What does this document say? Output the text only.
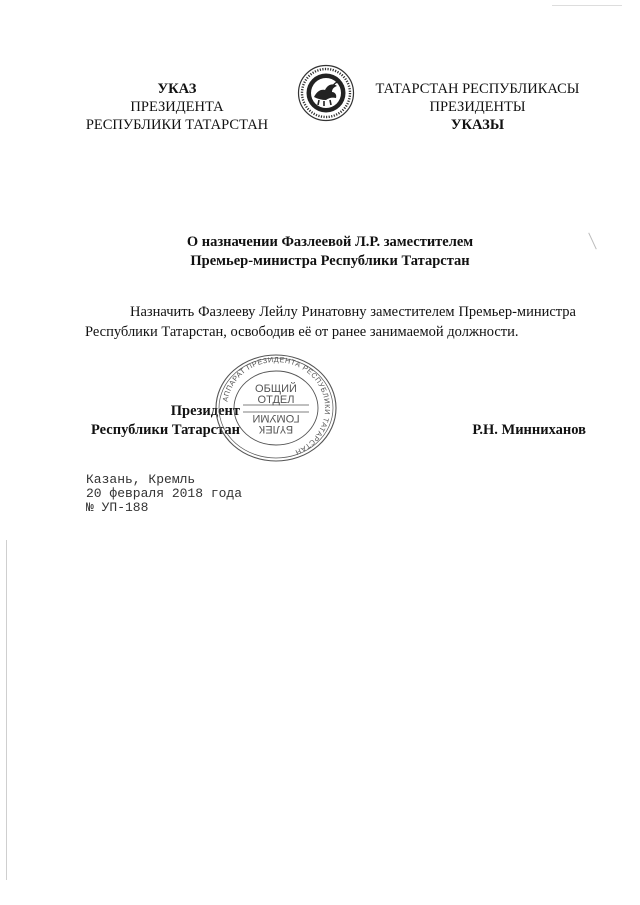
УКАЗ
ПРЕЗИДЕНТА
РЕСПУБЛИКИ ТАТАРСТАН
ТАТАРСТАН РЕСПУБЛИКАСЫ
ПРЕЗИДЕНТЫ
УКАЗЫ
О назначении Фазлеевой Л.Р. заместителем
Премьер-министра Республики Татарстан
Назначить Фазлееву Лейлу Ринатовну заместителем Премьер-министра Республики Татарстан, освободив её от ранее занимаемой должности.
Президент
Республики Татарстан
АППАРАТ ПРЕЗИДЕНТА РЕСПУБЛИКИ ТАТАРСТАН
ОБЩИЙ
ОТДЕЛ
БҮЛЕК
ГОМУМИ
Р.Н. Минниханов
Казань, Кремль
20 февраля 2018 года
№ УП-188
